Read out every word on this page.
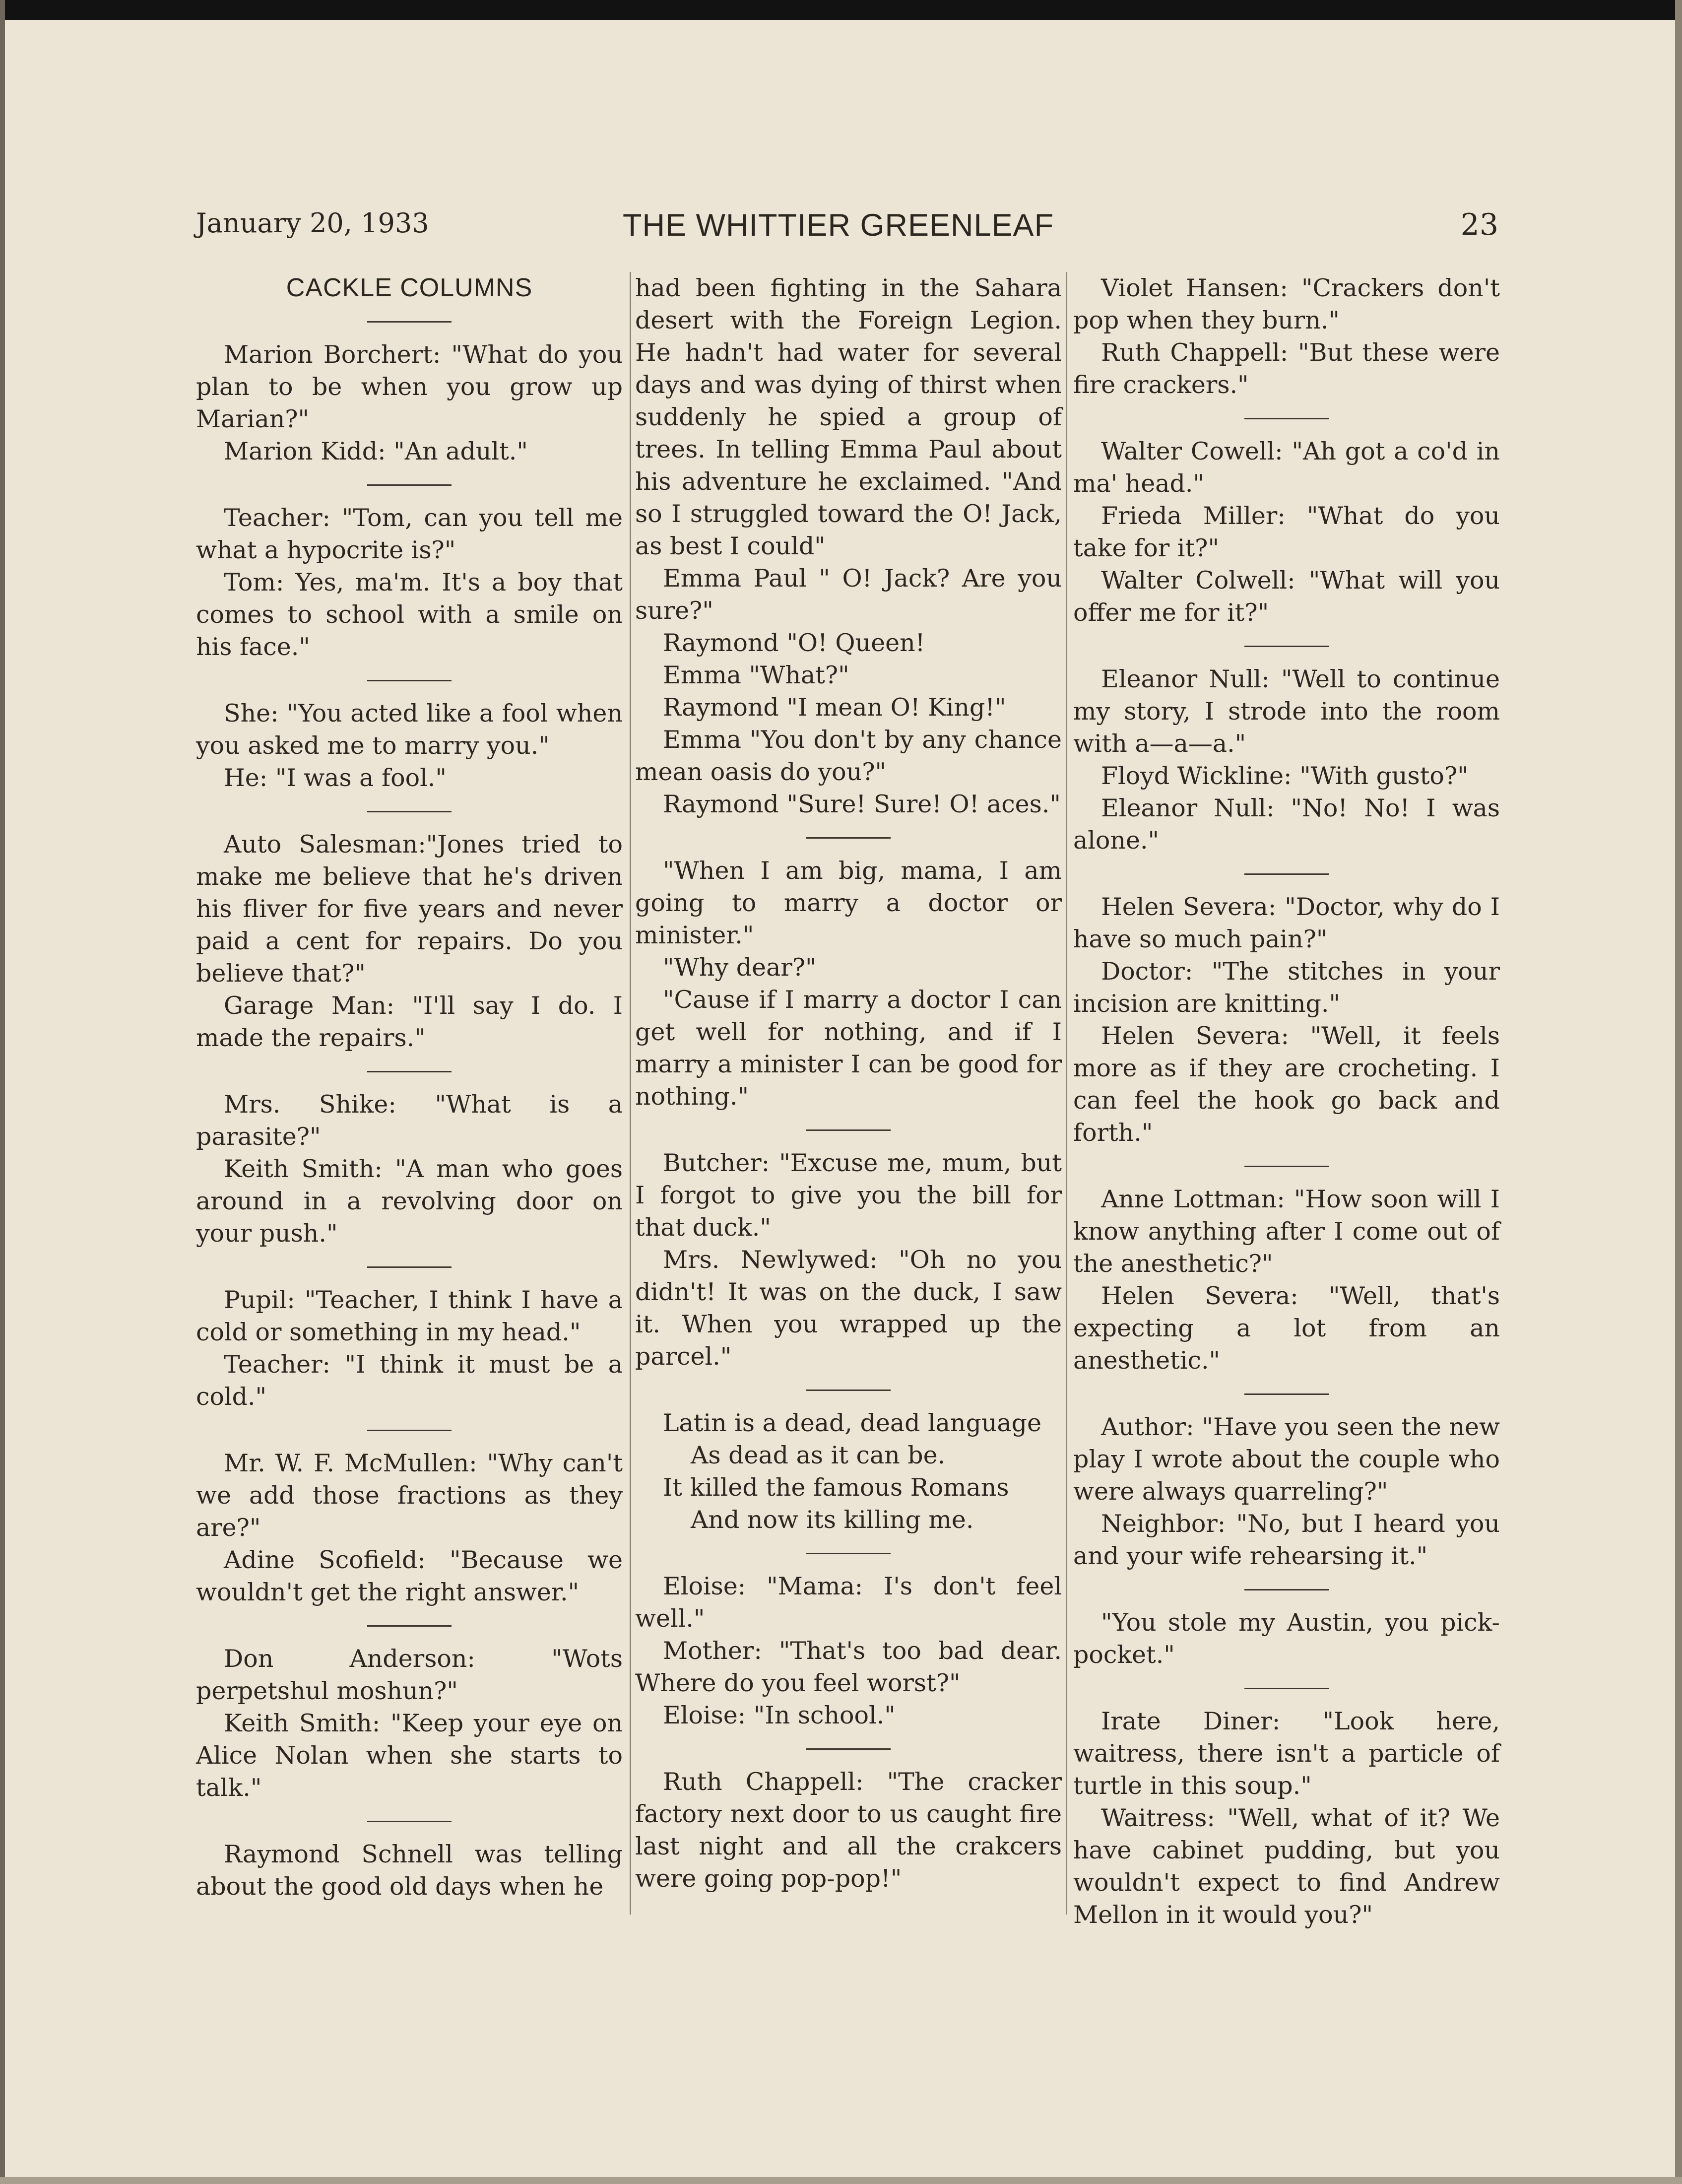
January 20, 1933	THE WHITTIER GREENLEAF	23
CACKLE COLUMNS

Marion Borchert: "What do you plan to be when you grow up Marian?"

Marion Kidd: "An adult."

Teacher: "Tom, can you tell me what a hypocrite is?"

Tom: Yes, ma'm. It's a boy that comes to school with a smile on his face."

She: "You acted like a fool when you asked me to marry you."

He: "I was a fool."

Auto Salesman:"Jones tried to make me believe that he's driven his fliver for five years and never paid a cent for repairs. Do you believe that?"

Garage Man: "I'll say I do. I made the repairs."

Mrs. Shike: "What is a parasite?"

Keith Smith: "A man who goes around in a revolving door on your push."

Pupil: "Teacher, I think I have a cold or something in my head."

Teacher: "I think it must be a cold."

Mr. W. F. McMullen: "Why can't we add those fractions as they are?"

Adine Scofield: "Because we wouldn't get the right answer."

Don Anderson: "Wots perpetshul moshun?"

Keith Smith: "Keep your eye on Alice Nolan when she starts to talk."

Raymond Schnell was telling about the good old days when he

had been fighting in the Sahara desert with the Foreign Legion. He hadn't had water for several days and was dying of thirst when suddenly he spied a group of trees. In telling Emma Paul about his adventure he exclaimed. "And so I struggled toward the O! Jack, as best I could"

Emma Paul " O! Jack? Are you sure?"

Raymond "O! Queen!

Emma "What?"

Raymond "I mean O! King!"

Emma "You don't by any chance mean oasis do you?"

Raymond "Sure! Sure! O! aces."

"When I am big, mama, I am going to marry a doctor or minister."

"Why dear?"

"Cause if I marry a doctor I can get well for nothing, and if I marry a minister I can be good for nothing."

Butcher: "Excuse me, mum, but I forgot to give you the bill for that duck."

Mrs. Newlywed: "Oh no you didn't! It was on the duck, I saw it. When you wrapped up the parcel."

Latin is a dead, dead language

As dead as it can be.

It killed the famous Romans

And now its killing me.

Eloise: "Mama: I's don't feel well."

Mother: "That's too bad dear. Where do you feel worst?"

Eloise: "In school."

Ruth Chappell: "The cracker factory next door to us caught fire last night and all the crakcers were going pop-pop!"

Violet Hansen: "Crackers don't pop when they burn."

Ruth Chappell: "But these were fire crackers."

Walter Cowell: "Ah got a co'd in ma' head."

Frieda Miller: "What do you take for it?"

Walter Colwell: "What will you offer me for it?"

Eleanor Null: "Well to continue my story, I strode into the room with a—a—a."

Floyd Wickline: "With gusto?"

Eleanor Null: "No! No! I was alone."

Helen Severa: "Doctor, why do I have so much pain?"

Doctor: "The stitches in your incision are knitting."

Helen Severa: "Well, it feels more as if they are crocheting. I can feel the hook go back and forth."

Anne Lottman: "How soon will I know anything after I come out of the anesthetic?"

Helen Severa: "Well, that's expecting a lot from an anesthetic."

Author: "Have you seen the new play I wrote about the couple who were always quarreling?"

Neighbor: "No, but I heard you and your wife rehearsing it."

"You stole my Austin, you pick-pocket."

Irate Diner: "Look here, waitress, there isn't a particle of turtle in this soup."

Waitress: "Well, what of it? We have cabinet pudding, but you wouldn't expect to find Andrew Mellon in it would you?"
